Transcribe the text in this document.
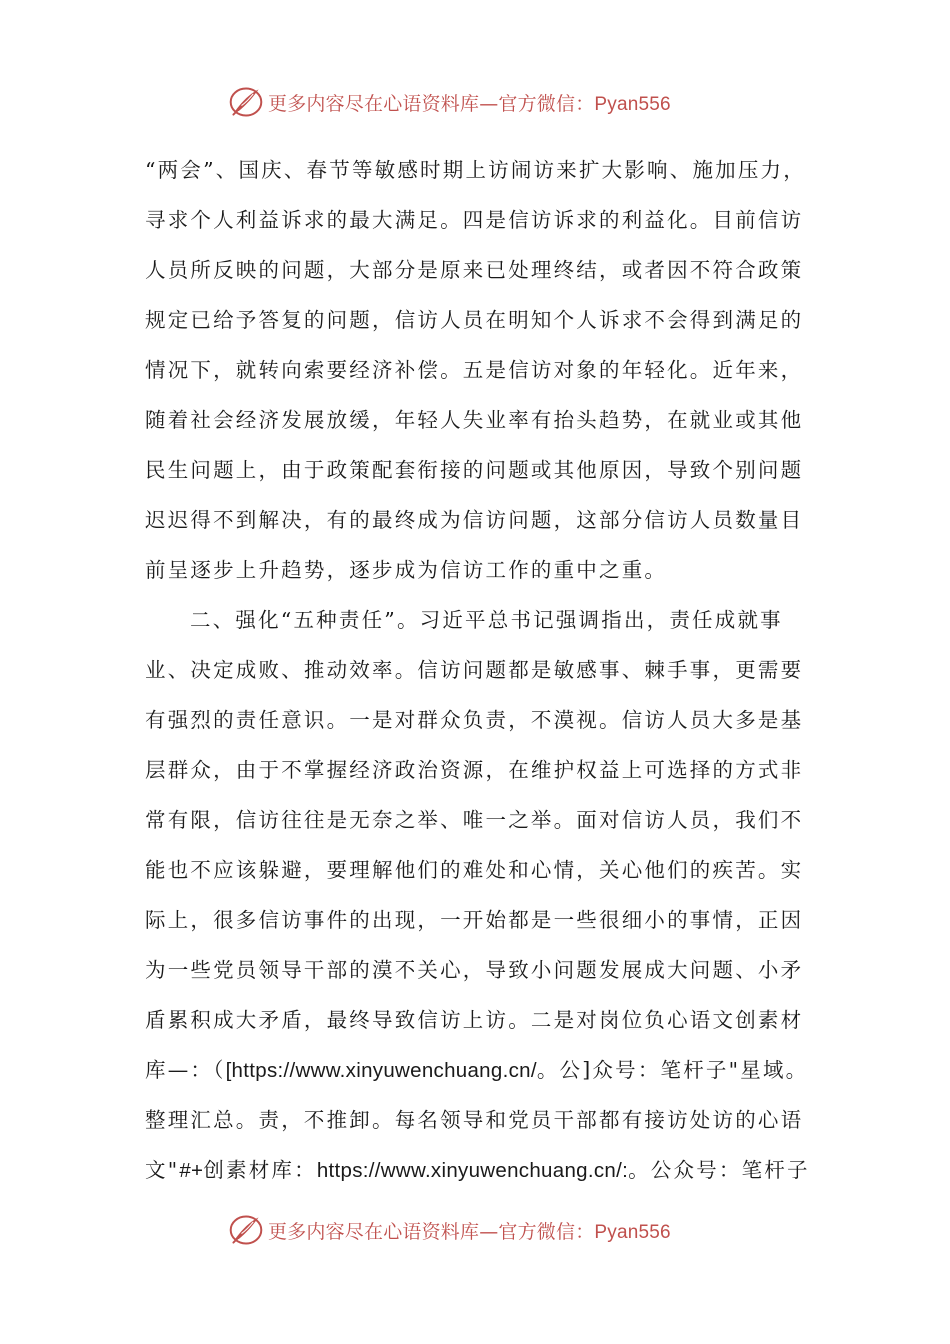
更多内容尽在心语资料库—官方微信：Pyan556
“两会”、国庆、春节等敏感时期上访闹访来扩大影响、施加压力，
寻求个人利益诉求的最大满足。四是信访诉求的利益化。目前信访
人员所反映的问题，大部分是原来已处理终结，或者因不符合政策
规定已给予答复的问题，信访人员在明知个人诉求不会得到满足的
情况下，就转向索要经济补偿。五是信访对象的年轻化。近年来，
随着社会经济发展放缓，年轻人失业率有抬头趋势，在就业或其他
民生问题上，由于政策配套衔接的问题或其他原因，导致个别问题
迟迟得不到解决，有的最终成为信访问题，这部分信访人员数量目
前呈逐步上升趋势，逐步成为信访工作的重中之重。
二、强化“五种责任”。习近平总书记强调指出，责任成就事
业、决定成败、推动效率。信访问题都是敏感事、棘手事，更需要
有强烈的责任意识。一是对群众负责，不漠视。信访人员大多是基
层群众，由于不掌握经济政治资源，在维护权益上可选择的方式非
常有限，信访往往是无奈之举、唯一之举。面对信访人员，我们不
能也不应该躲避，要理解他们的难处和心情，关心他们的疾苦。实
际上，很多信访事件的出现，一开始都是一些很细小的事情，正因
为一些党员领导干部的漠不关心，导致小问题发展成大问题、小矛
盾累积成大矛盾，最终导致信访上访。二是对岗位负心语文创素材
库—：（[https://www.xinyuwenchuang.cn/。公]众号：笔杆子"星域。
整理汇总。责，不推卸。每名领导和党员干部都有接访处访的心语
文"#+创素材库：https://www.xinyuwenchuang.cn/:。公众号：笔杆子
更多内容尽在心语资料库—官方微信：Pyan556
